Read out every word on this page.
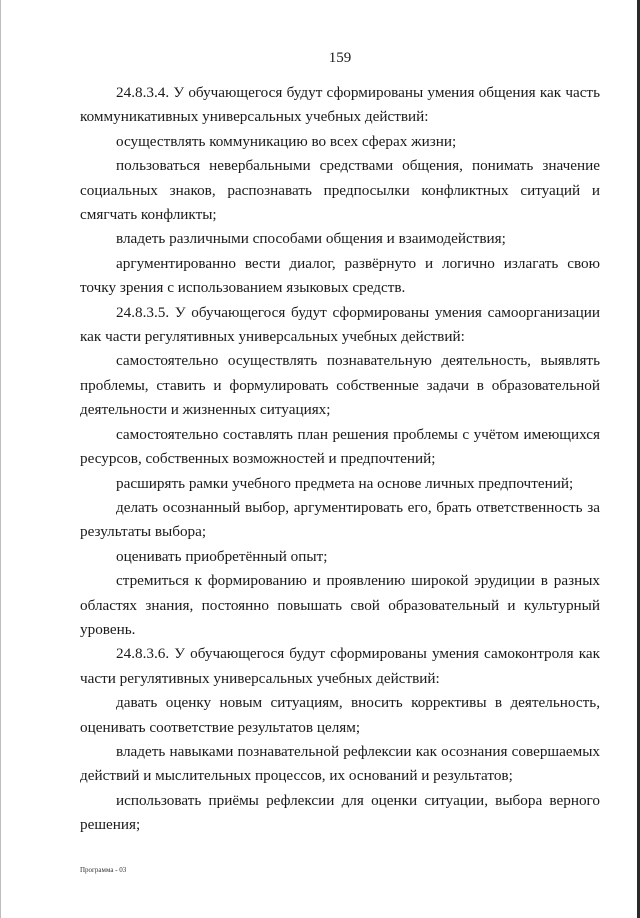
159

24.8.3.4. У обучающегося будут сформированы умения общения как часть коммуникативных универсальных учебных действий:

осуществлять коммуникацию во всех сферах жизни;

пользоваться невербальными средствами общения, понимать значение социальных знаков, распознавать предпосылки конфликтных ситуаций и смягчать конфликты;

владеть различными способами общения и взаимодействия;

аргументированно вести диалог, развёрнуто и логично излагать свою точку зрения с использованием языковых средств.

24.8.3.5. У обучающегося будут сформированы умения самоорганизации как части регулятивных универсальных учебных действий:

самостоятельно осуществлять познавательную деятельность, выявлять проблемы, ставить и формулировать собственные задачи в образовательной деятельности и жизненных ситуациях;

самостоятельно составлять план решения проблемы с учётом имеющихся ресурсов, собственных возможностей и предпочтений;

расширять рамки учебного предмета на основе личных предпочтений;

делать осознанный выбор, аргументировать его, брать ответственность за результаты выбора;

оценивать приобретённый опыт;

стремиться к формированию и проявлению широкой эрудиции в разных областях знания, постоянно повышать свой образовательный и культурный уровень.

24.8.3.6. У обучающегося будут сформированы умения самоконтроля как части регулятивных универсальных учебных действий:

давать оценку новым ситуациям, вносить коррективы в деятельность, оценивать соответствие результатов целям;

владеть навыками познавательной рефлексии как осознания совершаемых действий и мыслительных процессов, их оснований и результатов;

использовать приёмы рефлексии для оценки ситуации, выбора верного решения;

Программа - 03
